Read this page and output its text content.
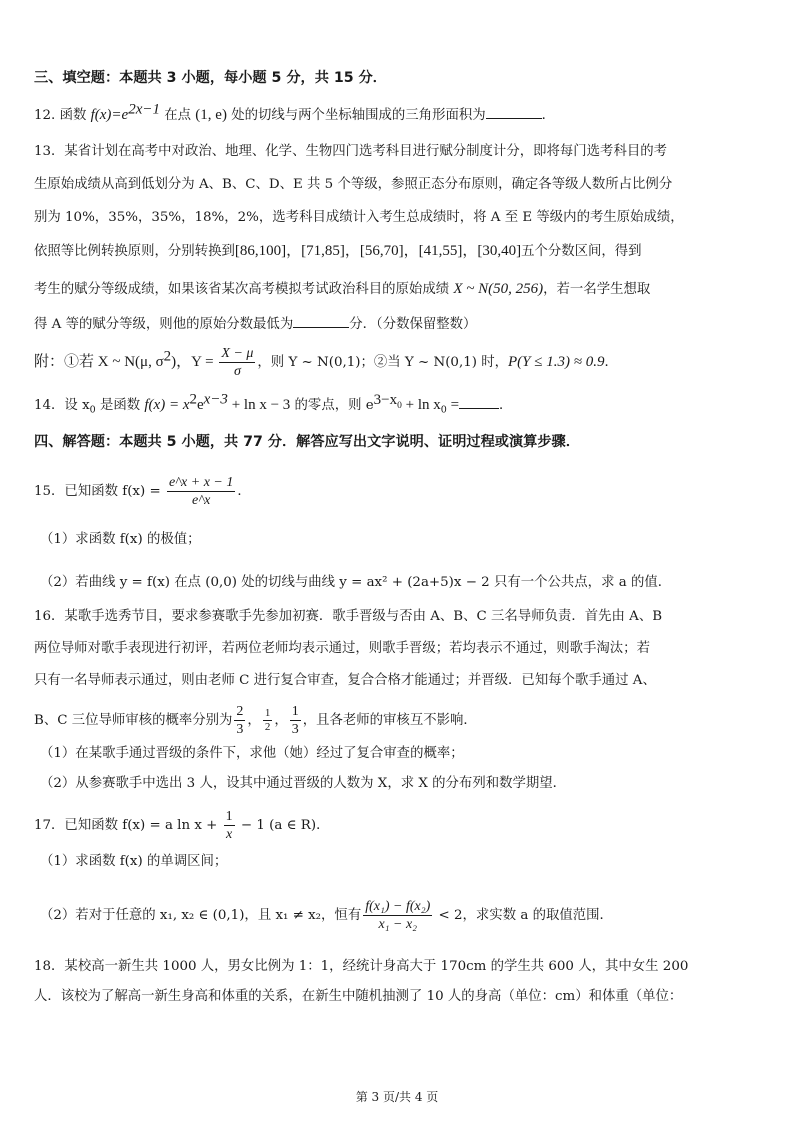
三、填空题：本题共 3 小题，每小题 5 分，共 15 分．
12. 函数 $f(x)=e^{2x-1}$ 在点 (1, e) 处的切线与两个坐标轴围成的三角形面积为	．
13．某省计划在高考中对政治、地理、化学、生物四门选考科目进行赋分制度计分，即将每门选考科目的考
生原始成绩从高到低划分为 A、B、C、D、E 共 5 个等级，参照正态分布原则，确定各等级人数所占比例分
别为 10%，35%，35%，18%，2%，选考科目成绩计入考生总成绩时，将 A 至 E 等级内的考生原始成绩，
依照等比例转换原则，分别转换到[86,100]，[71,85]，[56,70]，[41,55]，[30,40]五个分数区间，得到
考生的赋分等级成绩，如果该省某次高考模拟考试政治科目的原始成绩 X ~ N(50, 256)，若一名学生想取
得 A 等的赋分等级，则他的原始分数最低为	分．（分数保留整数）
附：①若 X ~ N(μ, $\sigma^2$)，$Y = \frac{X - \mu}{\sigma}$ ，则 Y ~ N(0,1)；②当 Y ~ N(0,1) 时，P(Y ≤ 1.3) ≈ 0.9．
14．设 $x_0$ 是函数 $f(x) = x^2e^{x-3} + \ln x - 3$ 的零点，则 $e^{3-x_0} + \ln x_0$ =	．
四、解答题：本题共 5 小题，共 77 分．解答应写出文字说明、证明过程或演算步骤．
15．已知函数 $f(x) = \frac{e\^{}x + x - 1}{e\^{}x}$ ．
（1）求函数 f(x) 的极值；
（2）若曲线 y = f(x) 在点 (0,0) 处的切线与曲线 y = ax² + (2a+5)x − 2 只有一个公共点，求 a 的值．
16．某歌手选秀节目，要求参赛歌手先参加初赛．歌手晋级与否由 A、B、C 三名导师负责．首先由 A、B
两位导师对歌手表现进行初评，若两位老师均表示通过，则歌手晋级；若均表示不通过，则歌手淘汰；若
只有一名导师表示通过，则由老师 C 进行复合审查，复合合格才能通过；并晋级．已知每个歌手通过 A、
B、C 三位导师审核的概率分别为 $\frac{2}{3}$ ， $\frac{1}{2}$ ， $\frac{1}{3}$ ，且各老师的审核互不影响．
（1）在某歌手通过晋级的条件下，求他（她）经过了复合审查的概率；
（2）从参赛歌手中选出 3 人，设其中通过晋级的人数为 X，求 X 的分布列和数学期望．
17．已知函数 f(x) = a $\ln x + \frac{1}{x} - 1$ (a ∈ R)．
（1）求函数 f(x) 的单调区间；
（2）若对于任意的 x₁, x₂ ∈ (0,1)，且 x₁ ≠ x₂，恒有 $\frac{\text{f(x₁) − f(x₂)}}{\text{x₁ − x₂}} < 2$，求实数 a 的取值范围．
18．某校高一新生共 1000 人，男女比例为 1：1，经统计身高大于 170cm 的学生共 600 人，其中女生 200
人．该校为了解高一新生身高和体重的关系，在新生中随机抽测了 10 人的身高（单位：cm）和体重（单位：
第 3 页/共 4 页
